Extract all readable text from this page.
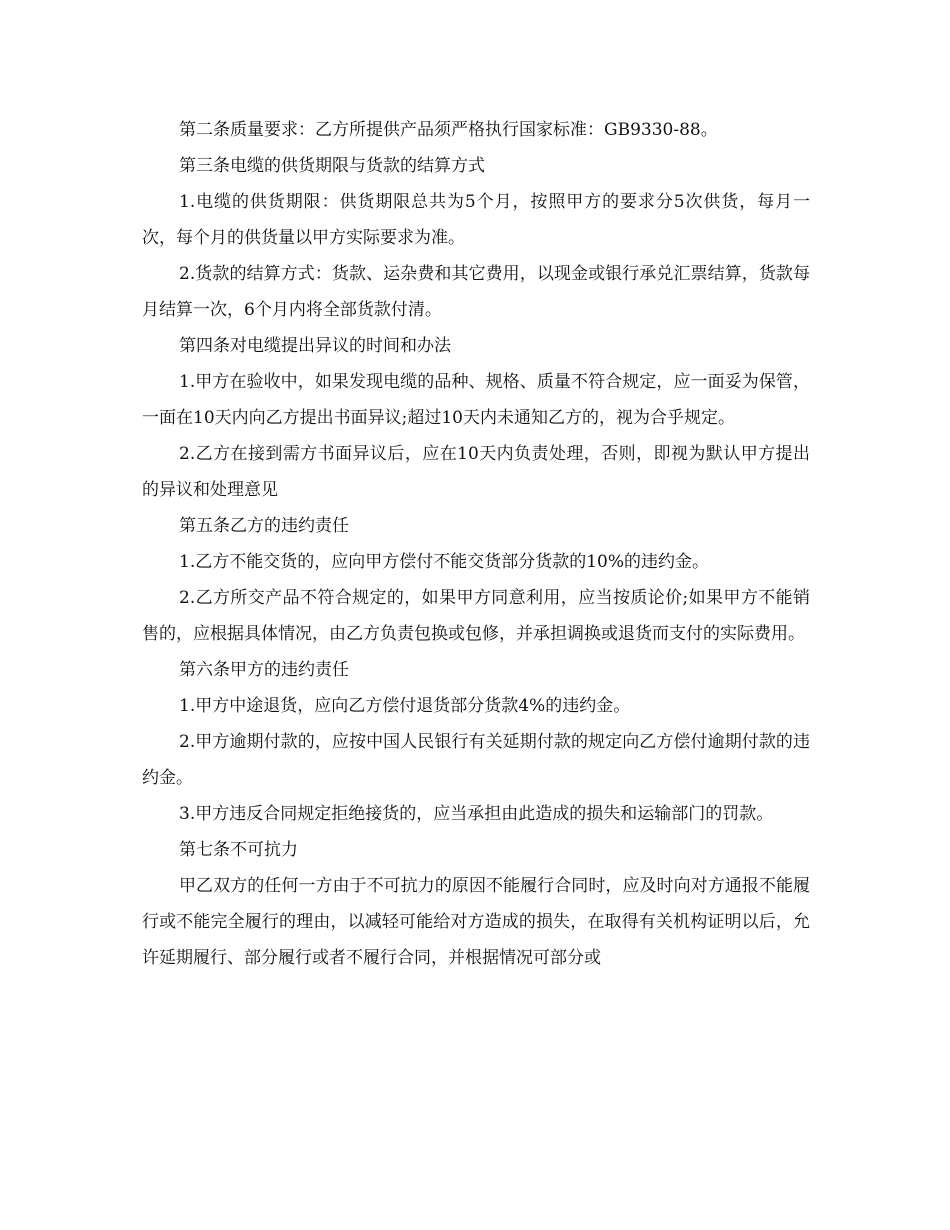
第二条质量要求：乙方所提供产品须严格执行国家标准：GB9330-88。

第三条电缆的供货期限与货款的结算方式

1.电缆的供货期限：供货期限总共为5个月，按照甲方的要求分5次供货，每月一次，每个月的供货量以甲方实际要求为准。

2.货款的结算方式：货款、运杂费和其它费用，以现金或银行承兑汇票结算，货款每月结算一次，6个月内将全部货款付清。

第四条对电缆提出异议的时间和办法

1.甲方在验收中，如果发现电缆的品种、规格、质量不符合规定，应一面妥为保管，一面在10天内向乙方提出书面异议;超过10天内未通知乙方的，视为合乎规定。

2.乙方在接到需方书面异议后，应在10天内负责处理，否则，即视为默认甲方提出的异议和处理意见

第五条乙方的违约责任

1.乙方不能交货的，应向甲方偿付不能交货部分货款的10%的违约金。

2.乙方所交产品不符合规定的，如果甲方同意利用，应当按质论价;如果甲方不能销售的，应根据具体情况，由乙方负责包换或包修，并承担调换或退货而支付的实际费用。

第六条甲方的违约责任

1.甲方中途退货，应向乙方偿付退货部分货款4%的违约金。

2.甲方逾期付款的，应按中国人民银行有关延期付款的规定向乙方偿付逾期付款的违约金。

3.甲方违反合同规定拒绝接货的，应当承担由此造成的损失和运输部门的罚款。

第七条不可抗力

甲乙双方的任何一方由于不可抗力的原因不能履行合同时，应及时向对方通报不能履行或不能完全履行的理由，以减轻可能给对方造成的损失，在取得有关机构证明以后，允许延期履行、部分履行或者不履行合同，并根据情况可部分或
